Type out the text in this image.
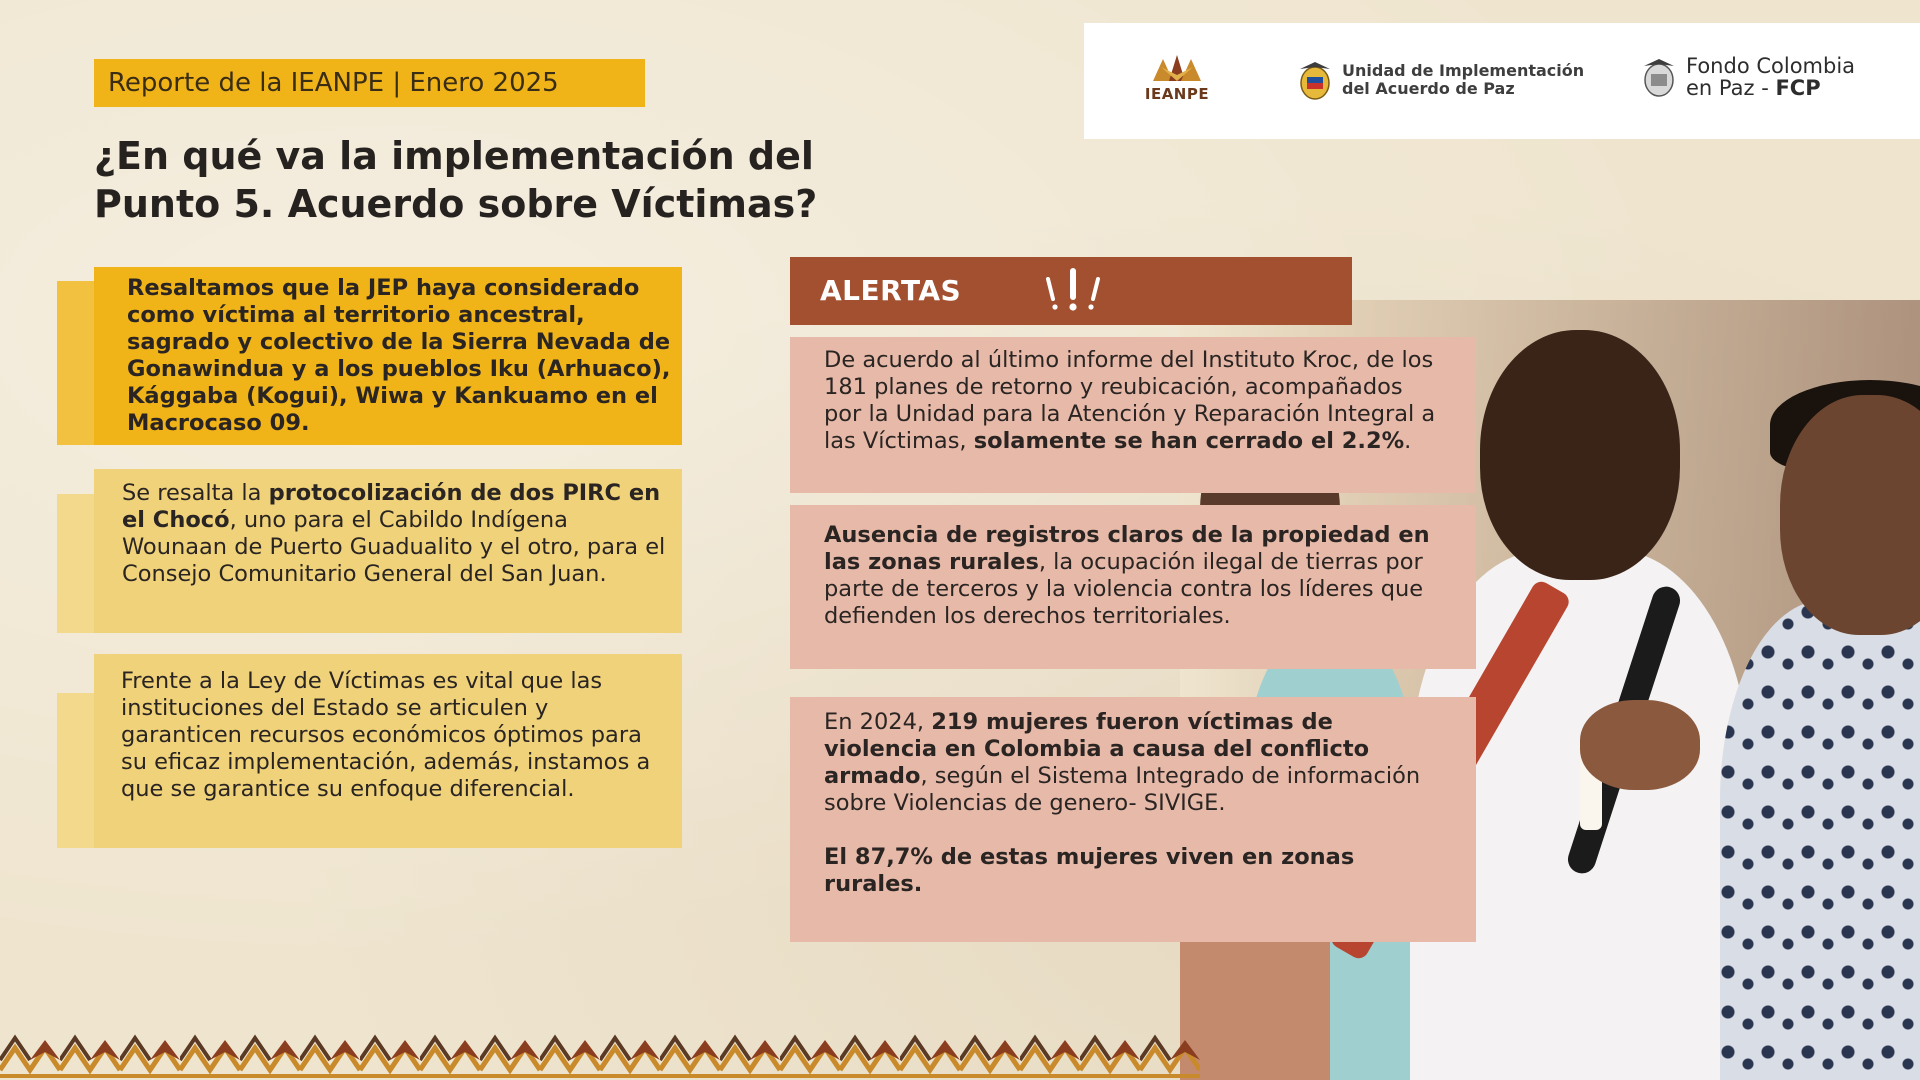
IEANPE
Unidad de Implementación
del Acuerdo de Paz
Fondo Colombia
en Paz - FCP
Reporte de la IEANPE | Enero 2025
¿En qué va la implementación del
Punto 5. Acuerdo sobre Víctimas?
Resaltamos que la JEP haya considerado como víctima al territorio ancestral, sagrado y colectivo de la Sierra Nevada de Gonawindua y a los pueblos Iku (Arhuaco), Kággaba (Kogui), Wiwa y Kankuamo en el Macrocaso 09.
Se resalta la protocolización de dos PIRC en el Chocó, uno para el Cabildo Indígena Wounaan de Puerto Guadualito y el otro, para el Consejo Comunitario General del San Juan.
Frente a la Ley de Víctimas es vital que las instituciones del Estado se articulen y garanticen recursos económicos óptimos para su eficaz implementación, además, instamos a que se garantice su enfoque diferencial.
ALERTAS
De acuerdo al último informe del Instituto Kroc, de los 181 planes de retorno y reubicación, acompañados por la Unidad para la Atención y Reparación Integral a las Víctimas, solamente se han cerrado el 2.2%.
Ausencia de registros claros de la propiedad en las zonas rurales, la ocupación ilegal de tierras por parte de terceros y la violencia contra los líderes que defienden los derechos territoriales.
En 2024, 219 mujeres fueron víctimas de violencia en Colombia a causa del conflicto armado, según el Sistema Integrado de información sobre Violencias de genero- SIVIGE.
El 87,7% de estas mujeres viven en zonas rurales.
